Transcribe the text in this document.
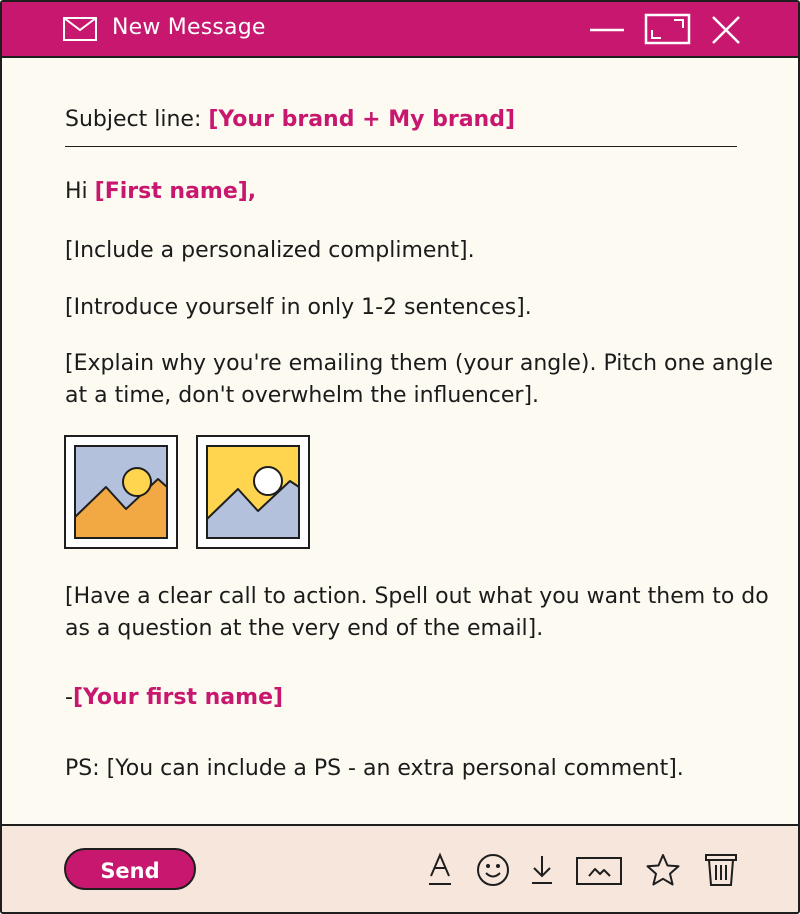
New Message
Subject line: [Your brand + My brand]
Hi [First name],
[Include a personalized compliment].
[Introduce yourself in only 1-2 sentences].
[Explain why you're emailing them (your angle). Pitch one angle
at a time, don't overwhelm the influencer].
[Have a clear call to action. Spell out what you want them to do
as a question at the very end of the email].
-[Your first name]
PS: [You can include a PS - an extra personal comment].
Send
